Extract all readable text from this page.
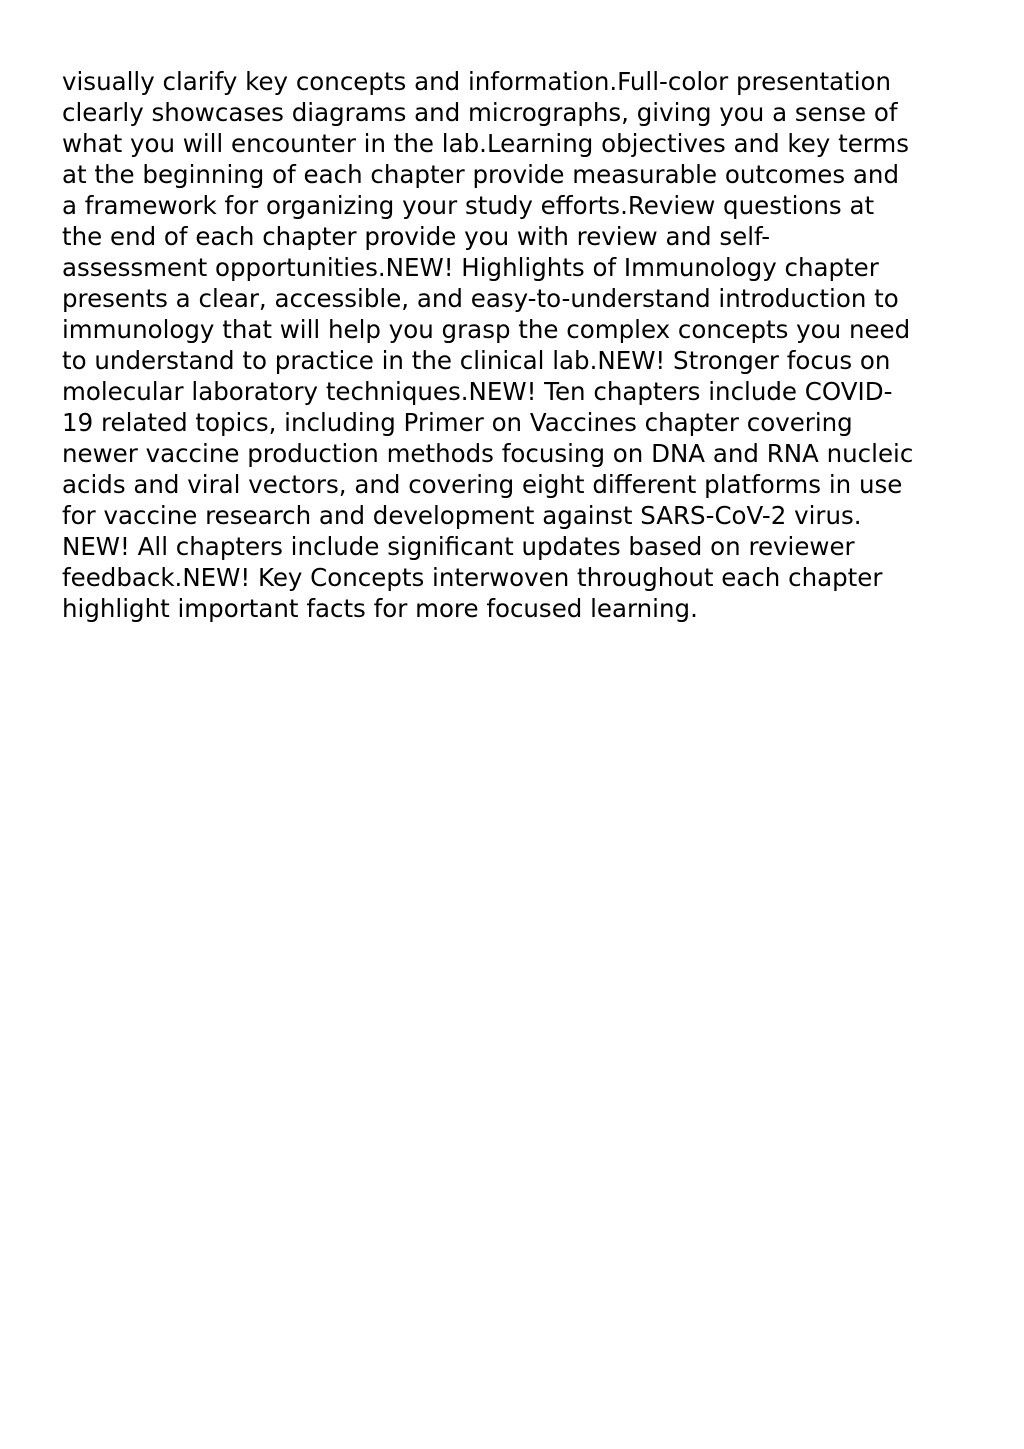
visually clarify key concepts and information.Full-color presentation
clearly showcases diagrams and micrographs, giving you a sense of
what you will encounter in the lab.Learning objectives and key terms
at the beginning of each chapter provide measurable outcomes and
a framework for organizing your study efforts.Review questions at
the end of each chapter provide you with review and self-
assessment opportunities.NEW! Highlights of Immunology chapter
presents a clear, accessible, and easy-to-understand introduction to
immunology that will help you grasp the complex concepts you need
to understand to practice in the clinical lab.NEW! Stronger focus on
molecular laboratory techniques.NEW! Ten chapters include COVID-
19 related topics, including Primer on Vaccines chapter covering
newer vaccine production methods focusing on DNA and RNA nucleic
acids and viral vectors, and covering eight different platforms in use
for vaccine research and development against SARS-CoV-2 virus.
NEW! All chapters include significant updates based on reviewer
feedback.NEW! Key Concepts interwoven throughout each chapter
highlight important facts for more focused learning.
